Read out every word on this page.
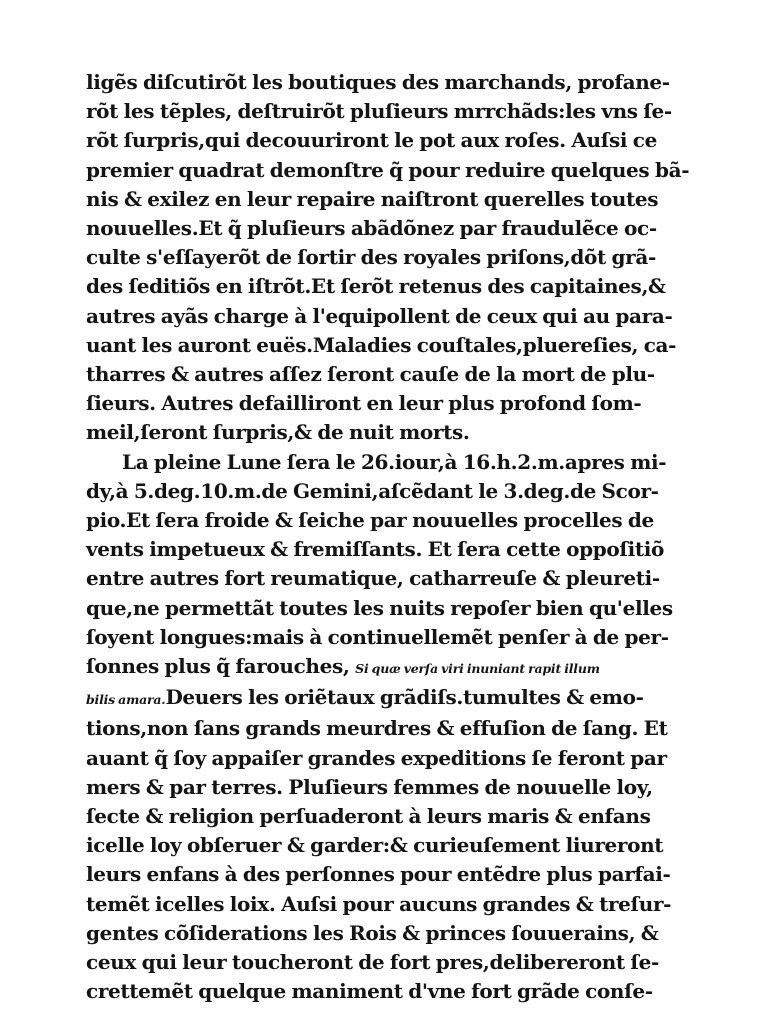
ligẽs diſcutirõt les boutiques des marchands, profane-
rõt les tẽples, deſtruirõt pluſieurs mrrchãds:les vns ſe-
rõt ſurpris,qui decouuriront le pot aux roſes. Auſsi ce
premier quadrat demonſtre q̃ pour reduire quelques bã-
nis & exilez en leur repaire naiſtront querelles toutes
nouuelles.Et q̃ pluſieurs abãdõnez par fraudulẽce oc-
culte s'eſſayerõt de ſortir des royales priſons,dõt grã-
des ſeditiõs en iſtrõt.Et ſerõt retenus des capitaines,&
autres ayãs charge à l'equipollent de ceux qui au para-
uant les auront euës.Maladies couſtales,pluereſies, ca-
tharres & autres aſſez ſeront cauſe de la mort de plu-
ſieurs. Autres defailliront en leur plus profond ſom-
meil,ſeront ſurpris,& de nuit morts.
La pleine Lune ſera le 26.iour,à 16.h.2.m.apres mi-
dy,à 5.deg.10.m.de Gemini,aſcẽdant le 3.deg.de Scor-
pio.Et ſera froide & ſeiche par nouuelles procelles de
vents impetueux & fremiſſants. Et ſera cette oppoſitiõ
entre autres fort reumatique, catharreuſe & pleureti-
que,ne permettãt toutes les nuits repoſer bien qu'elles
ſoyent longues:mais à continuellemẽt penſer à de per-
ſonnes plus q̃ farouches, Si quæ verſa viri inuniant rapit illum
bilis amara.Deuers les oriẽtaux grãdiſs.tumultes & emo-
tions,non ſans grands meurdres & effuſion de ſang. Et
auant q̃ ſoy appaiſer grandes expeditions ſe feront par
mers & par terres. Pluſieurs femmes de nouuelle loy,
ſecte & religion perſuaderont à leurs maris & enfans
icelle loy obſeruer & garder:& curieuſement liureront
leurs enfans à des perſonnes pour entẽdre plus parfai-
temẽt icelles loix. Auſsi pour aucuns grandes & treſur-
gentes cõſiderations les Rois & princes ſouuerains, &
ceux qui leur toucheront de fort pres,delibereront ſe-
crettemẽt quelque maniment d'vne fort grãde conſe-
